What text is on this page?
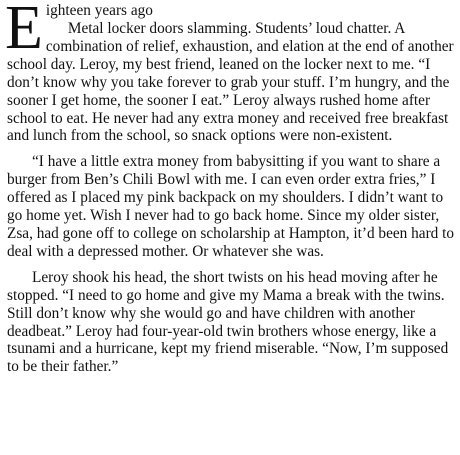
E ighteen years ago

Metal locker doors slamming. Students’ loud chatter. A combination of relief, exhaustion, and elation at the end of another school day. Leroy, my best friend, leaned on the locker next to me. “I don’t know why you take forever to grab your stuff. I’m hungry, and the sooner I get home, the sooner I eat.” Leroy always rushed home after school to eat. He never had any extra money and received free breakfast and lunch from the school, so snack options were non-existent.

“I have a little extra money from babysitting if you want to share a burger from Ben’s Chili Bowl with me. I can even order extra fries,” I offered as I placed my pink backpack on my shoulders. I didn’t want to go home yet. Wish I never had to go back home. Since my older sister, Zsa, had gone off to college on scholarship at Hampton, it’d been hard to deal with a depressed mother. Or whatever she was.

Leroy shook his head, the short twists on his head moving after he stopped. “I need to go home and give my Mama a break with the twins. Still don’t know why she would go and have children with another deadbeat.” Leroy had four-year-old twin brothers whose energy, like a tsunami and a hurricane, kept my friend miserable. “Now, I’m supposed to be their father.”
